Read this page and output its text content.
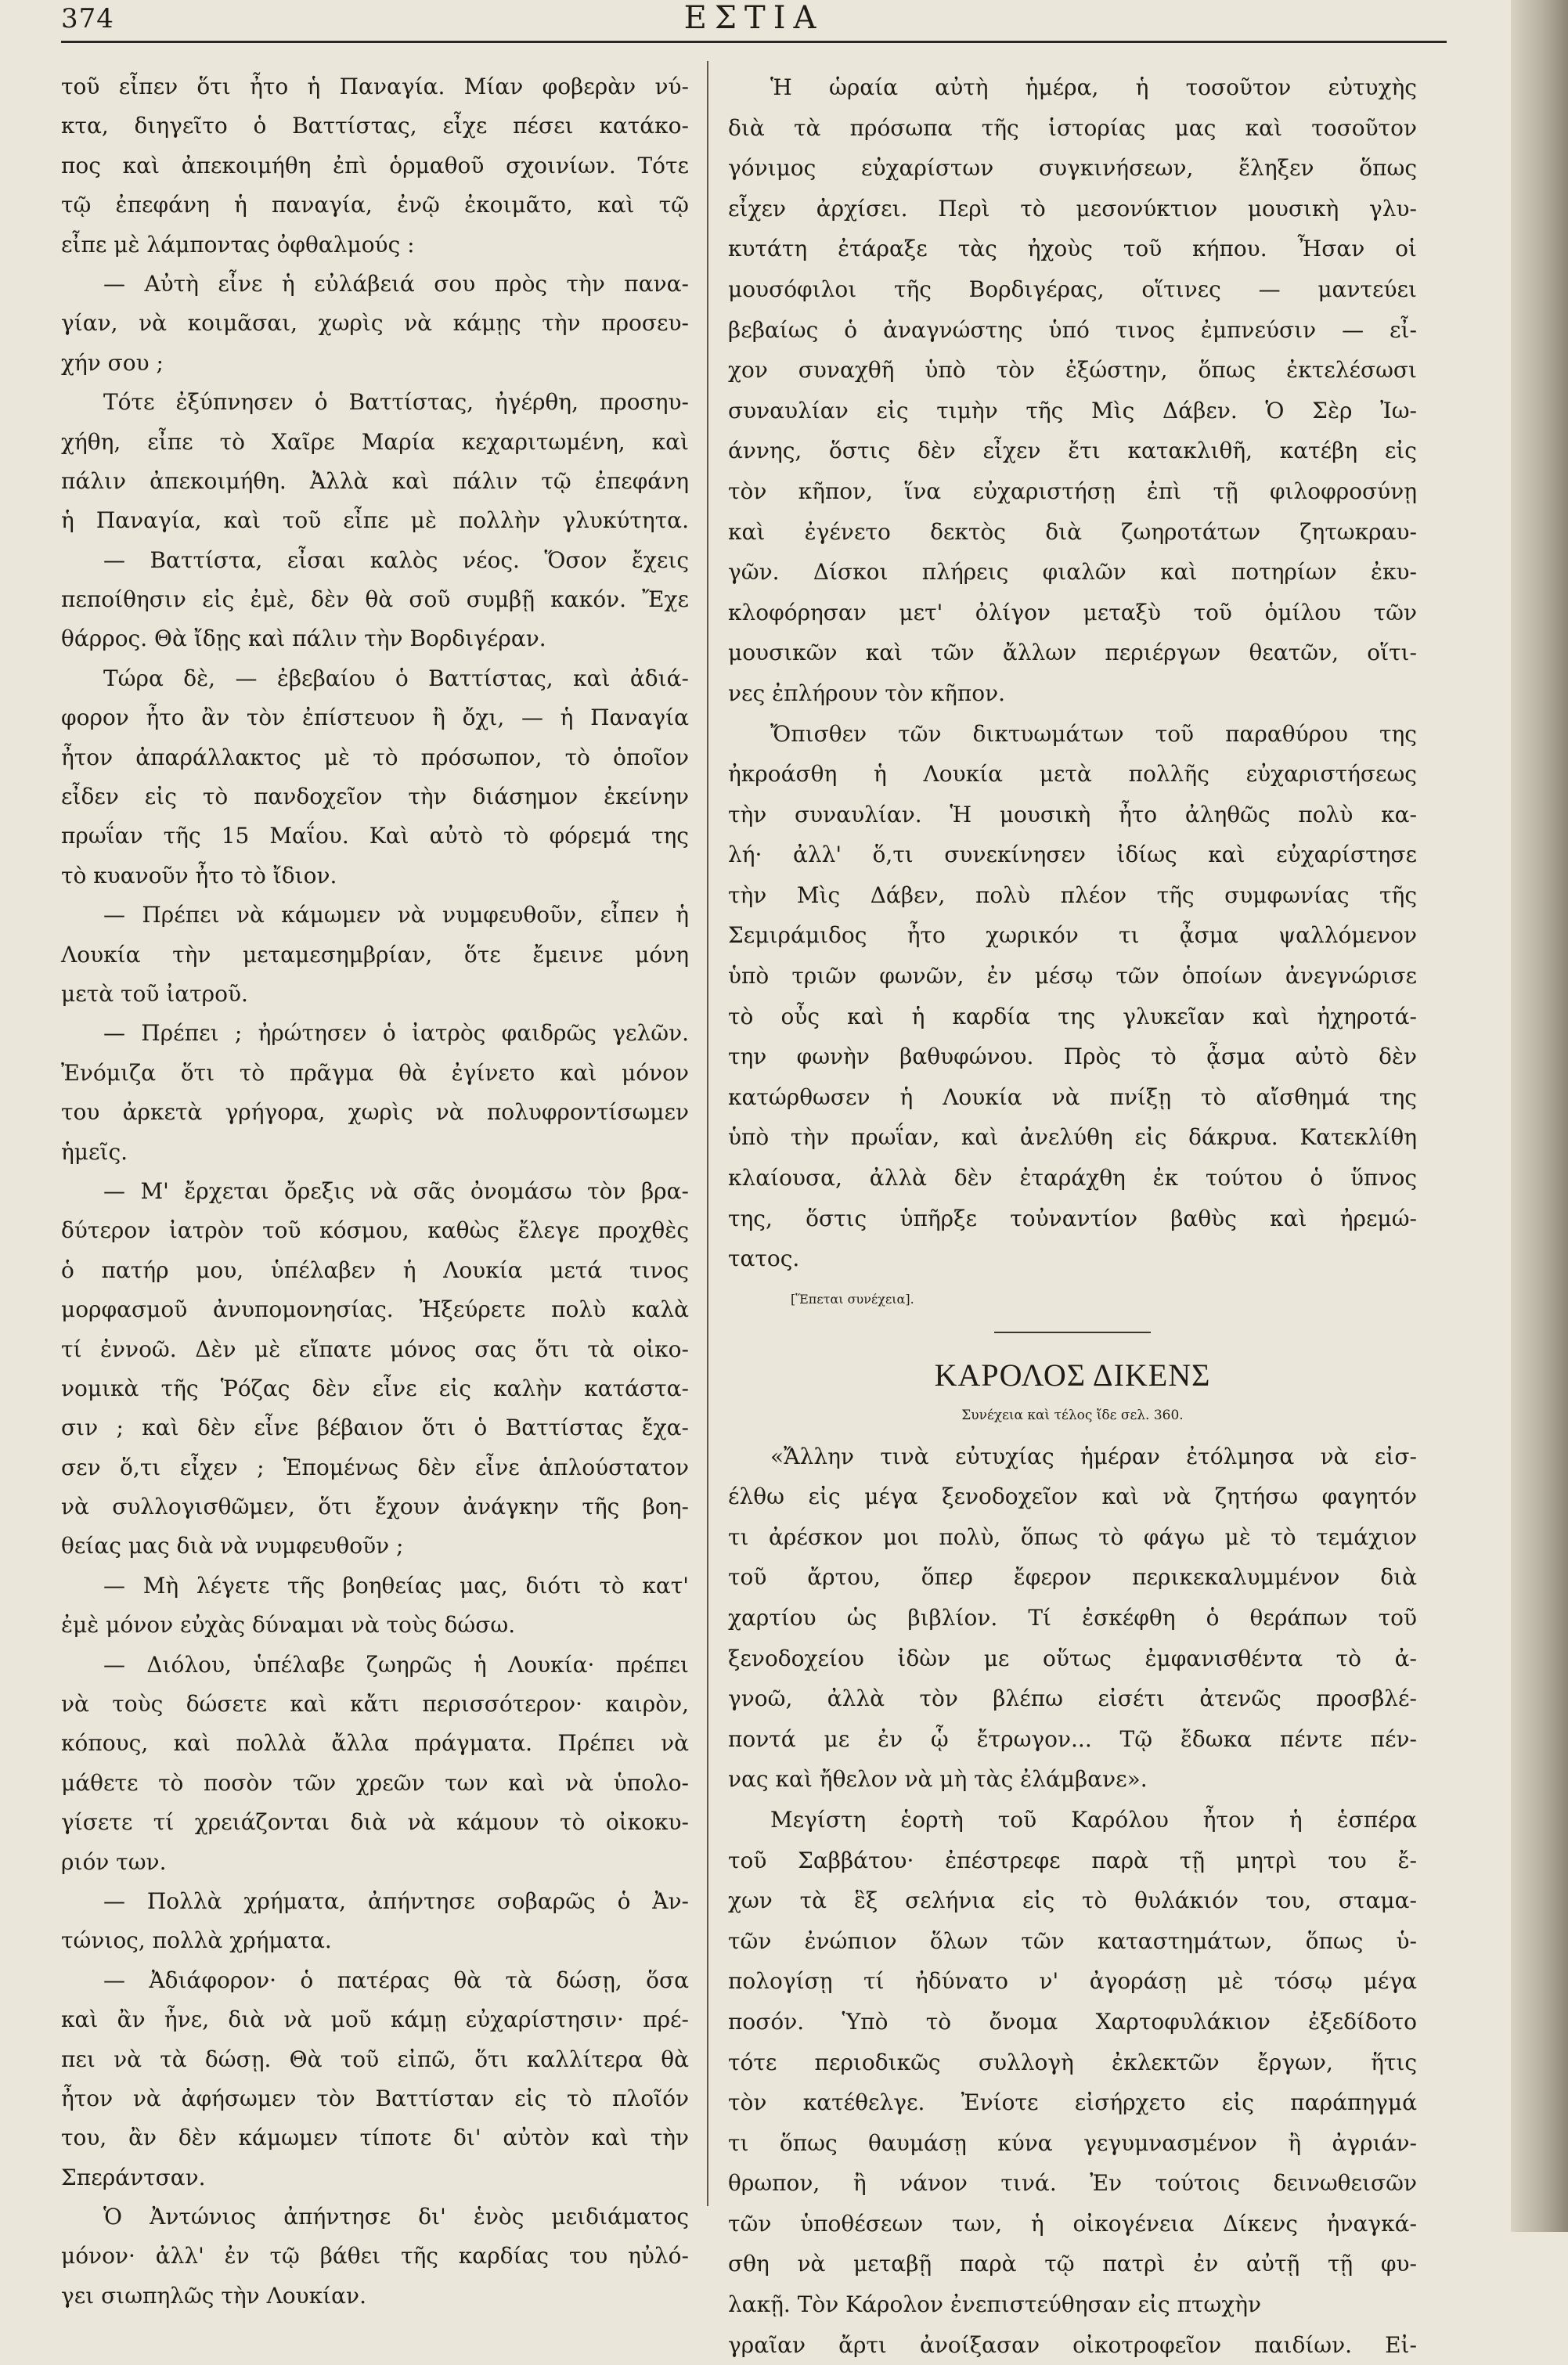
374	ΕΣΤΙΑ
τοῦ εἶπεν ὅτι ἦτο ἡ Παναγία. Μίαν φοβερὰν νύ-
κτα, διηγεῖτο ὁ Βαττίστας, εἶχε πέσει κατάκο-
πος καὶ ἀπεκοιμήθη ἐπὶ ὁρμαθοῦ σχοινίων. Τότε
τῷ ἐπεφάνη ἡ παναγία, ἐνῷ ἐκοιμᾶτο, καὶ τῷ
εἶπε μὲ λάμποντας ὀφθαλμούς :
— Αὐτὴ εἶνε ἡ εὐλάβειά σου πρὸς τὴν πανα-
γίαν, νὰ κοιμᾶσαι, χωρὶς νὰ κάμῃς τὴν προσευ-
χήν σου ;
Τότε ἐξύπνησεν ὁ Βαττίστας, ἠγέρθη, προσηυ-
χήθη, εἶπε τὸ Χαῖρε Μαρία κεχαριτωμένη, καὶ
πάλιν ἀπεκοιμήθη. Ἀλλὰ καὶ πάλιν τῷ ἐπεφάνη
ἡ Παναγία, καὶ τοῦ εἶπε μὲ πολλὴν γλυκύτητα.
— Βαττίστα, εἶσαι καλὸς νέος. Ὅσον ἔχεις
πεποίθησιν εἰς ἐμὲ, δὲν θὰ σοῦ συμβῇ κακόν. Ἔχε
θάρρος. Θὰ ἴδῃς καὶ πάλιν τὴν Βορδιγέραν.
Τώρα δὲ, — ἐβεβαίου ὁ Βαττίστας, καὶ ἀδιά-
φορον ἦτο ἂν τὸν ἐπίστευον ἢ ὄχι, — ἡ Παναγία
ἦτον ἀπαράλλακτος μὲ τὸ πρόσωπον, τὸ ὁποῖον
εἶδεν εἰς τὸ πανδοχεῖον τὴν διάσημον ἐκείνην
πρωΐαν τῆς 15 Μαΐου. Καὶ αὐτὸ τὸ φόρεμά της
τὸ κυανοῦν ἦτο τὸ ἴδιον.
— Πρέπει νὰ κάμωμεν νὰ νυμφευθοῦν, εἶπεν ἡ
Λουκία τὴν μεταμεσημβρίαν, ὅτε ἔμεινε μόνη
μετὰ τοῦ ἰατροῦ.
— Πρέπει ; ἠρώτησεν ὁ ἰατρὸς φαιδρῶς γελῶν.
Ἐνόμιζα ὅτι τὸ πρᾶγμα θὰ ἐγίνετο καὶ μόνον
του ἀρκετὰ γρήγορα, χωρὶς νὰ πολυφροντίσωμεν
ἡμεῖς.
— Μ' ἔρχεται ὄρεξις νὰ σᾶς ὀνομάσω τὸν βρα-
δύτερον ἰατρὸν τοῦ κόσμου, καθὼς ἔλεγε προχθὲς
ὁ πατήρ μου, ὑπέλαβεν ἡ Λουκία μετά τινος
μορφασμοῦ ἀνυπομονησίας. Ἠξεύρετε πολὺ καλὰ
τί ἐννοῶ. Δὲν μὲ εἴπατε μόνος σας ὅτι τὰ οἰκο-
νομικὰ τῆς Ῥόζας δὲν εἶνε εἰς καλὴν κατάστα-
σιν ; καὶ δὲν εἶνε βέβαιον ὅτι ὁ Βαττίστας ἔχα-
σεν ὅ,τι εἶχεν ; Ἑπομένως δὲν εἶνε ἁπλούστατον
νὰ συλλογισθῶμεν, ὅτι ἔχουν ἀνάγκην τῆς βοη-
θείας μας διὰ νὰ νυμφευθοῦν ;
— Μὴ λέγετε τῆς βοηθείας μας, διότι τὸ κατ'
ἐμὲ μόνον εὐχὰς δύναμαι νὰ τοὺς δώσω.
— Διόλου, ὑπέλαβε ζωηρῶς ἡ Λουκία· πρέπει
νὰ τοὺς δώσετε καὶ κἄτι περισσότερον· καιρὸν,
κόπους, καὶ πολλὰ ἄλλα πράγματα. Πρέπει νὰ
μάθετε τὸ ποσὸν τῶν χρεῶν των καὶ νὰ ὑπολο-
γίσετε τί χρειάζονται διὰ νὰ κάμουν τὸ οἰκοκυ-
ριόν των.
— Πολλὰ χρήματα, ἀπήντησε σοβαρῶς ὁ Ἀν-
τώνιος, πολλὰ χρήματα.
— Ἀδιάφορον· ὁ πατέρας θὰ τὰ δώσῃ, ὅσα
καὶ ἂν ἦνε, διὰ νὰ μοῦ κάμῃ εὐχαρίστησιν· πρέ-
πει νὰ τὰ δώσῃ. Θὰ τοῦ εἰπῶ, ὅτι καλλίτερα θὰ
ἦτον νὰ ἀφήσωμεν τὸν Βαττίσταν εἰς τὸ πλοῖόν
του, ἂν δὲν κάμωμεν τίποτε δι' αὐτὸν καὶ τὴν
Σπεράντσαν.
Ὁ Ἀντώνιος ἀπήντησε δι' ἑνὸς μειδιάματος
μόνον· ἀλλ' ἐν τῷ βάθει τῆς καρδίας του ηὐλό-
γει σιωπηλῶς τὴν Λουκίαν.
Ἡ ὡραία αὐτὴ ἡμέρα, ἡ τοσοῦτον εὐτυχὴς
διὰ τὰ πρόσωπα τῆς ἱστορίας μας καὶ τοσοῦτον
γόνιμος εὐχαρίστων συγκινήσεων, ἔληξεν ὅπως
εἶχεν ἀρχίσει. Περὶ τὸ μεσονύκτιον μουσικὴ γλυ-
κυτάτη ἐτάραξε τὰς ἠχοὺς τοῦ κήπου. Ἦσαν οἱ
μουσόφιλοι τῆς Βορδιγέρας, οἵτινες — μαντεύει
βεβαίως ὁ ἀναγνώστης ὑπό τινος ἐμπνεύσιν — εἶ-
χον συναχθῆ ὑπὸ τὸν ἐξώστην, ὅπως ἐκτελέσωσι
συναυλίαν εἰς τιμὴν τῆς Μὶς Δάβεν. Ὁ Σὲρ Ἰω-
άννης, ὅστις δὲν εἶχεν ἔτι κατακλιθῆ, κατέβη εἰς
τὸν κῆπον, ἵνα εὐχαριστήσῃ ἐπὶ τῇ φιλοφροσύνῃ
καὶ ἐγένετο δεκτὸς διὰ ζωηροτάτων ζητωκραυ-
γῶν. Δίσκοι πλήρεις φιαλῶν καὶ ποτηρίων ἐκυ-
κλοφόρησαν μετ' ὀλίγον μεταξὺ τοῦ ὁμίλου τῶν
μουσικῶν καὶ τῶν ἄλλων περιέργων θεατῶν, οἵτι-
νες ἐπλήρουν τὸν κῆπον.
Ὄπισθεν τῶν δικτυωμάτων τοῦ παραθύρου της
ἠκροάσθη ἡ Λουκία μετὰ πολλῆς εὐχαριστήσεως
τὴν συναυλίαν. Ἡ μουσικὴ ἦτο ἀληθῶς πολὺ κα-
λή· ἀλλ' ὅ,τι συνεκίνησεν ἰδίως καὶ εὐχαρίστησε
τὴν Μὶς Δάβεν, πολὺ πλέον τῆς συμφωνίας τῆς
Σεμιράμιδος ἦτο χωρικόν τι ᾆσμα ψαλλόμενον
ὑπὸ τριῶν φωνῶν, ἐν μέσῳ τῶν ὁποίων ἀνεγνώρισε
τὸ οὖς καὶ ἡ καρδία της γλυκεῖαν καὶ ἠχηροτά-
την φωνὴν βαθυφώνου. Πρὸς τὸ ᾆσμα αὐτὸ δὲν
κατώρθωσεν ἡ Λουκία νὰ πνίξῃ τὸ αἴσθημά της
ὑπὸ τὴν πρωΐαν, καὶ ἀνελύθη εἰς δάκρυα. Κατεκλίθη
κλαίουσα, ἀλλὰ δὲν ἐταράχθη ἐκ τούτου ὁ ὕπνος
της, ὅστις ὑπῆρξε τοὐναντίον βαθὺς καὶ ἠρεμώ-
τατος.
[Ἕπεται συνέχεια].
ΚΑΡΟΛΟΣ ΔΙΚΕΝΣ
Συνέχεια καὶ τέλος ἴδε σελ. 360.
«Ἄλλην τινὰ εὐτυχίας ἡμέραν ἐτόλμησα νὰ εἰσ-
έλθω εἰς μέγα ξενοδοχεῖον καὶ νὰ ζητήσω φαγητόν
τι ἀρέσκον μοι πολὺ, ὅπως τὸ φάγω μὲ τὸ τεμάχιον
τοῦ ἄρτου, ὅπερ ἔφερον περικεκαλυμμένον διὰ
χαρτίου ὡς βιβλίον. Τί ἐσκέφθη ὁ θεράπων τοῦ
ξενοδοχείου ἰδὼν με οὕτως ἐμφανισθέντα τὸ ἀ-
γνοῶ, ἀλλὰ τὸν βλέπω εἰσέτι ἀτενῶς προσβλέ-
ποντά με ἐν ᾧ ἔτρωγον... Τῷ ἔδωκα πέντε πέν-
νας καὶ ἤθελον νὰ μὴ τὰς ἐλάμβανε».
Μεγίστη ἑορτὴ τοῦ Καρόλου ἦτον ἡ ἑσπέρα
τοῦ Σαββάτου· ἐπέστρεφε παρὰ τῇ μητρὶ του ἔ-
χων τὰ ἓξ σελήνια εἰς τὸ θυλάκιόν του, σταμα-
τῶν ἐνώπιον ὅλων τῶν καταστημάτων, ὅπως ὑ-
πολογίσῃ τί ἠδύνατο ν' ἀγοράσῃ μὲ τόσῳ μέγα
ποσόν. Ὑπὸ τὸ ὄνομα Χαρτοφυλάκιον ἐξεδίδοτο
τότε περιοδικῶς συλλογὴ ἐκλεκτῶν ἔργων, ἥτις
τὸν κατέθελγε. Ἐνίοτε εἰσήρχετο εἰς παράπηγμά
τι ὅπως θαυμάσῃ κύνα γεγυμνασμένον ἢ ἀγριάν-
θρωπον, ἢ νάνον τινά. Ἐν τούτοις δεινωθεισῶν
τῶν ὑποθέσεων των, ἡ οἰκογένεια Δίκενς ἠναγκά-
σθη νὰ μεταβῇ παρὰ τῷ πατρὶ ἐν αὐτῇ τῇ φυ-
λακῇ. Τὸν Κάρολον ἐνεπιστεύθησαν εἰς πτωχὴν
γραῖαν ἄρτι ἀνοίξασαν οἰκοτροφεῖον παιδίων. Εἰ-
